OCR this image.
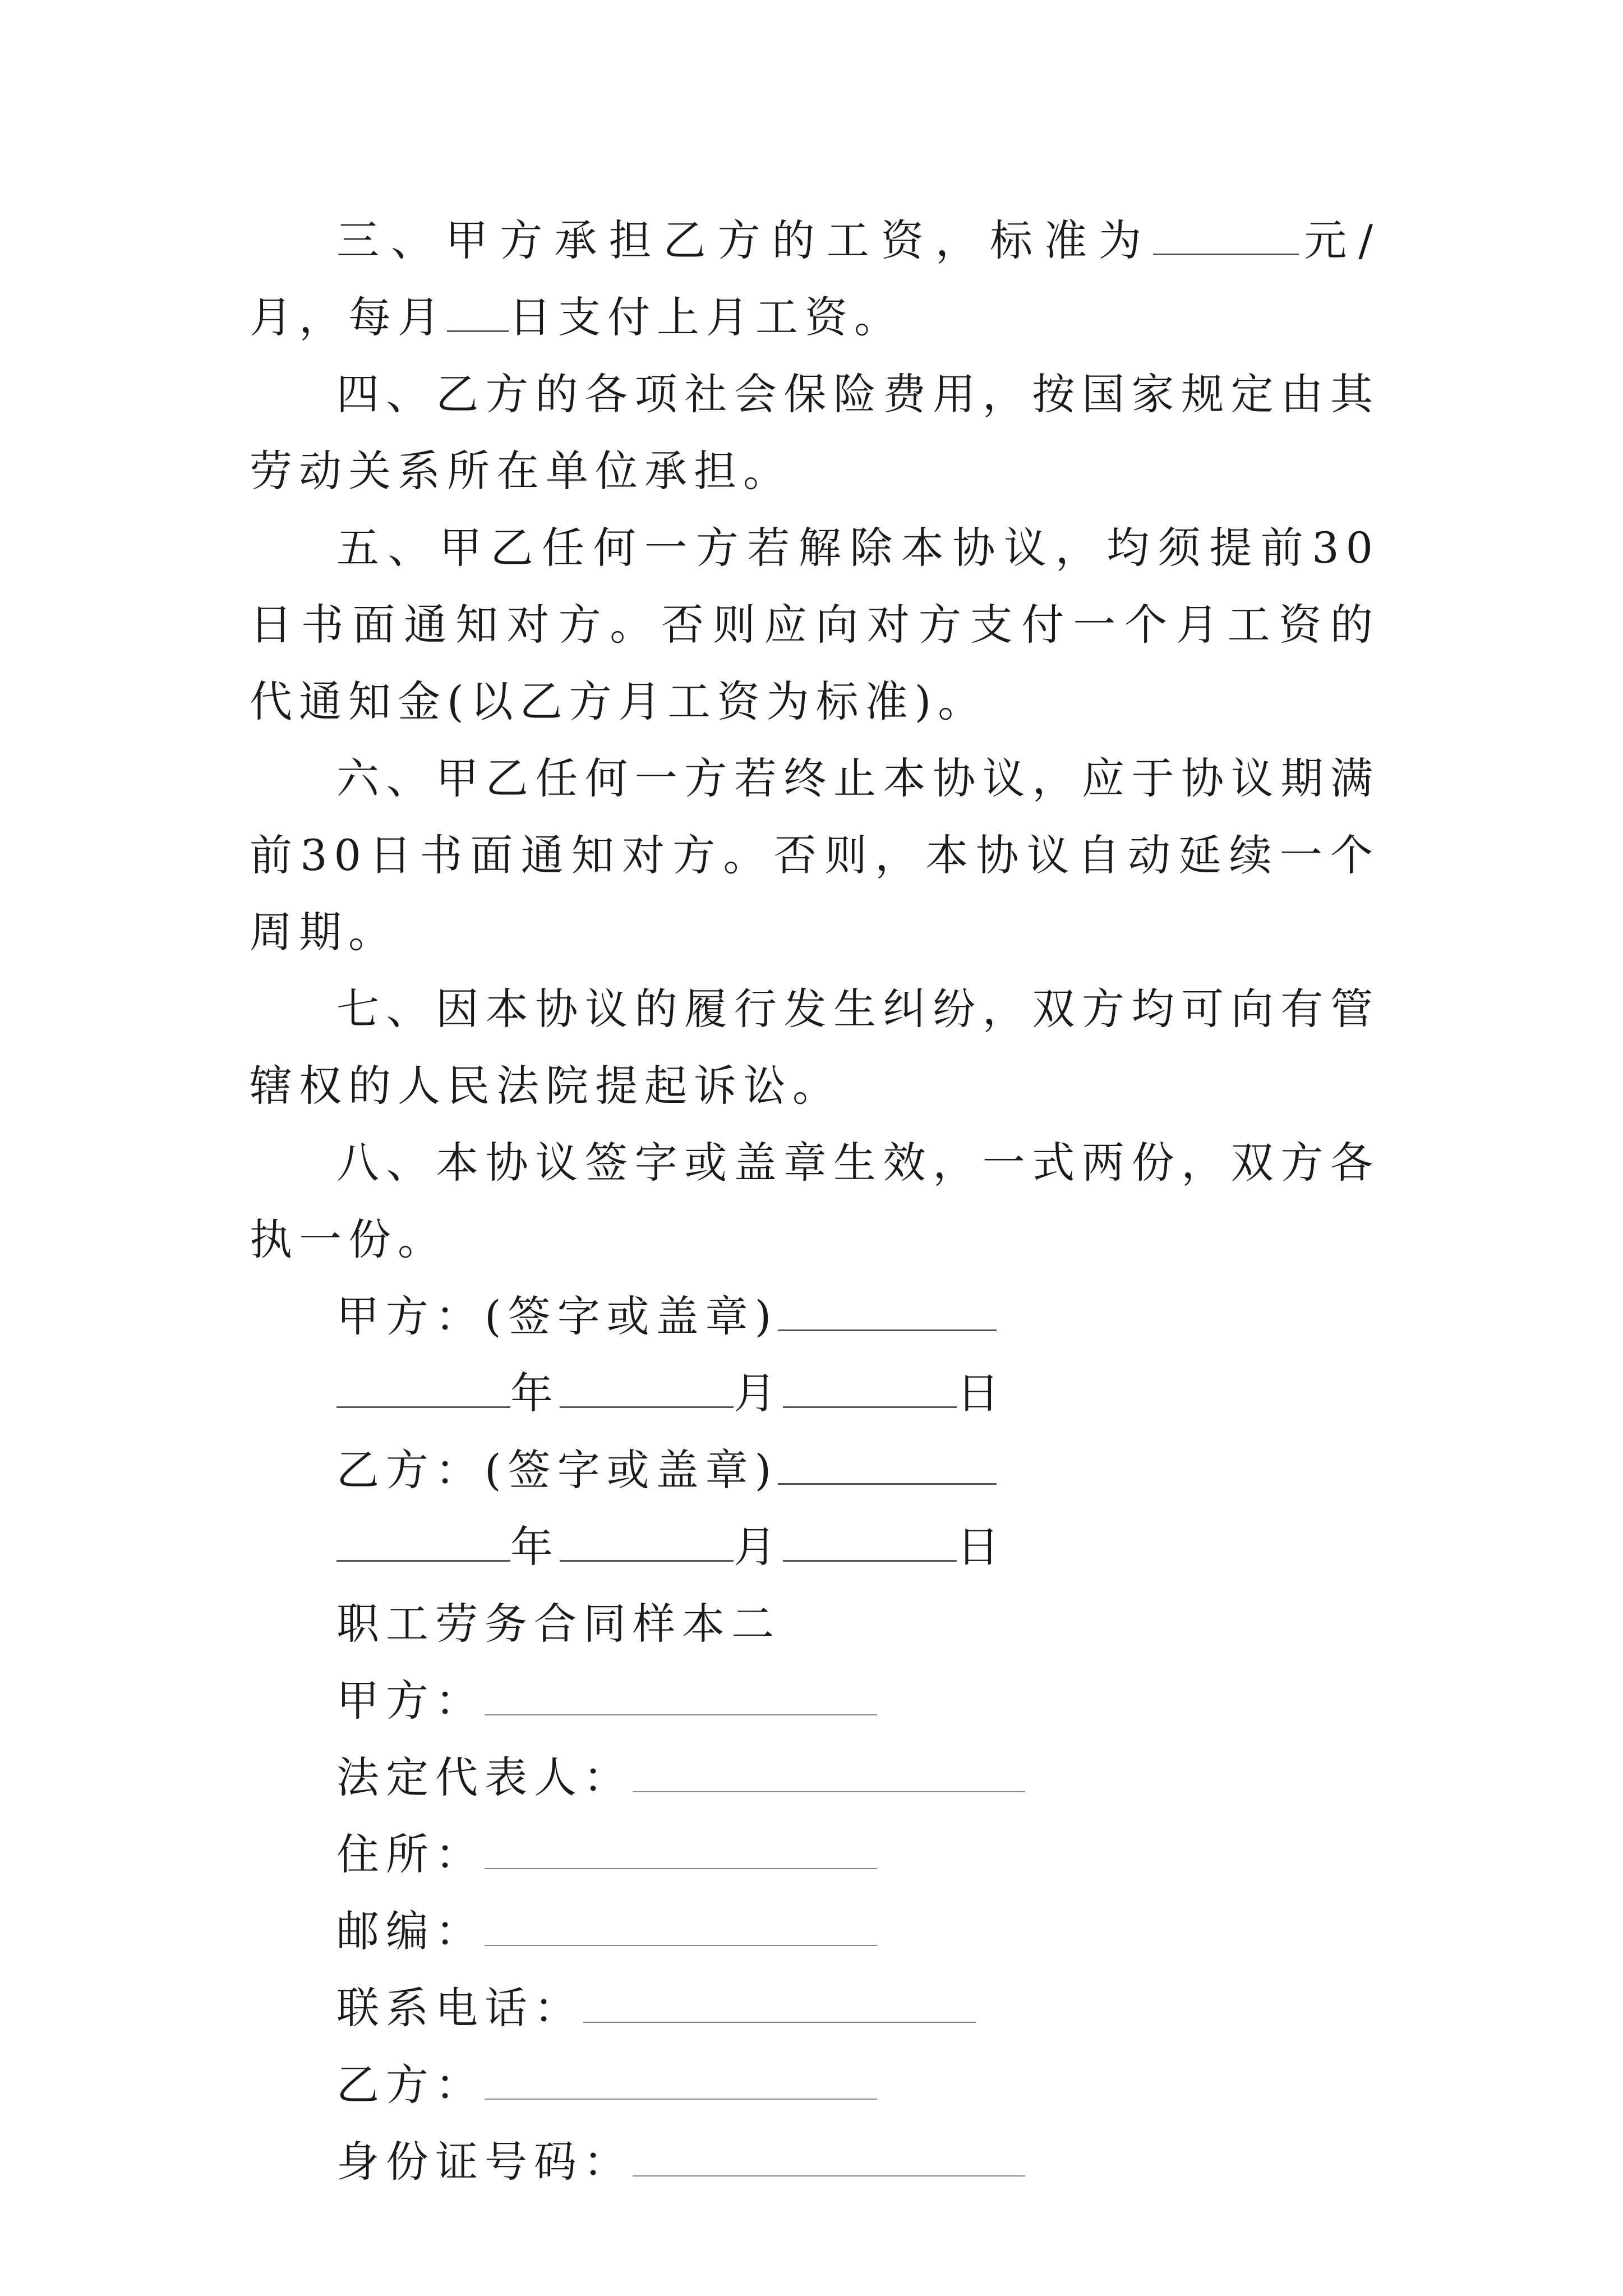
三、甲方承担乙方的工资，标准为	元/月，每月 日支付上月工资。

四、乙方的各项社会保险费用，按国家规定由其劳动关系所在单位承担。

五、甲乙任何一方若解除本协议，均须提前30日书面通知对方。否则应向对方支付一个月工资的代通知金(以乙方月工资为标准)。

六、甲乙任何一方若终止本协议，应于协议期满前30日书面通知对方。否则，本协议自动延续一个周期。

七、因本协议的履行发生纠纷，双方均可向有管辖权的人民法院提起诉讼。

八、本协议签字或盖章生效，一式两份，双方各执一份。

甲方：(签字或盖章)

年	月	日

乙方：(签字或盖章)

年	月	日

职工劳务合同样本二

甲方：

法定代表人：

住所：

邮编：

联系电话：

乙方：

身份证号码：
